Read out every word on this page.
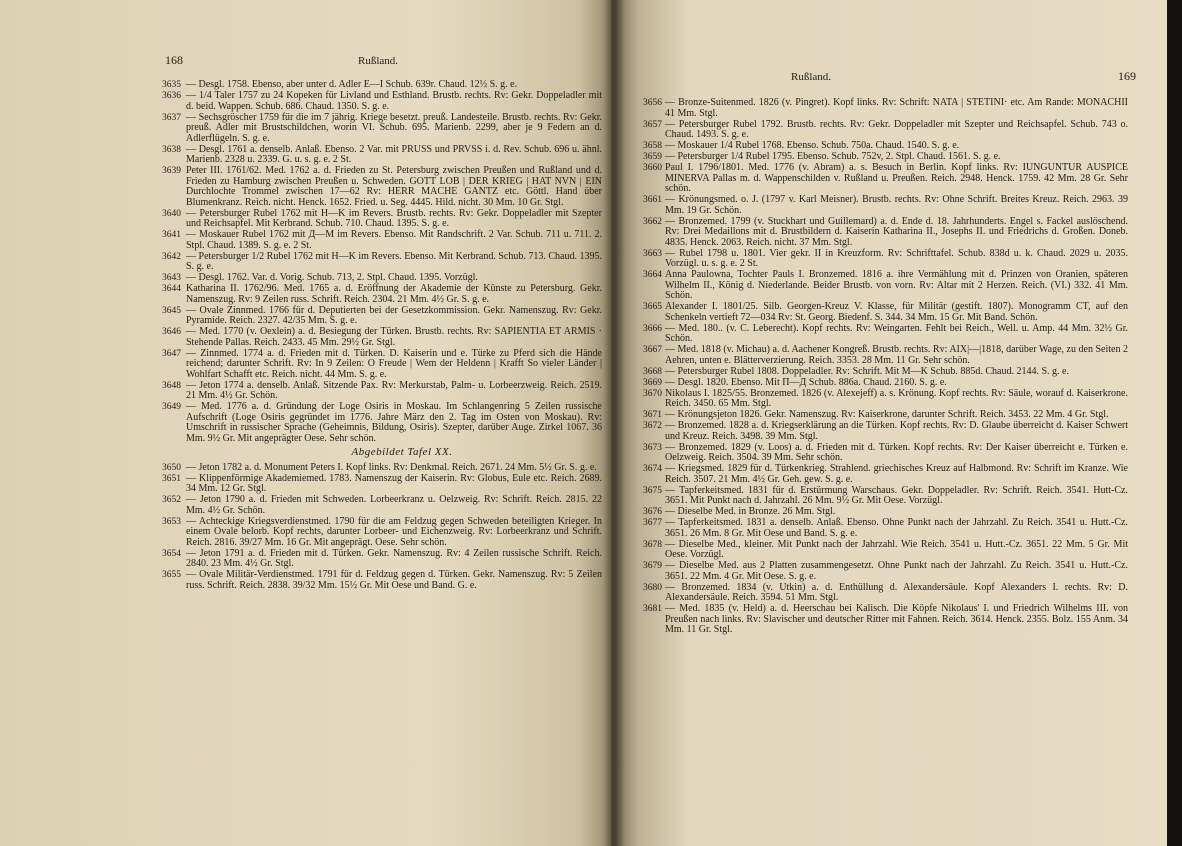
168	Rußland.
3635 — Desgl. 1758. Ebenso, aber unter d. Adler E—I Schub. 639r. Chaud. 12½ S. g. e.
3636 — 1/4 Taler 1757 zu 24 Kopeken für Livland und Esthland. Brustb. rechts. Rv: Gekr. Doppeladler mit d. beid. Wappen. Schub. 686. Chaud. 1350. S. g. e.
3637 — Sechsgröscher 1759 für die im 7 jährig. Kriege besetzt. preuß. Landesteile. Brustb. rechts. Rv: Gekr. preuß. Adler mit Brustschildchen, worin VI. Schub. 695. Marienb. 2299, aber je 9 Federn an d. Adlerflügeln. S. g. e.
3638 — Desgl. 1761 a. denselb. Anlaß. Ebenso. 2 Var. mit PRUSS und PRVSS i. d. Rev. Schub. 696 u. ähnl. Marienb. 2328 u. 2339. G. u. s. g. e. 2 St.
3639 Peter III. 1761/62. Med. 1762 a. d. Frieden zu St. Petersburg zwischen Preußen und Rußland und d. Frieden zu Hamburg zwischen Preußen u. Schweden. GOTT LOB | DER KRIEG | HAT NVN | EIN Durchlochte Trommel zwischen 17—62 Rv: HERR MACHE GANTZ etc. Göttl. Hand über Blumenkranz. Reich. nicht. Henck. 1652. Fried. u. Seg. 4445. Hild. nicht. 30 Mm. 10 Gr. Stgl.
3640 — Petersburger Rubel 1762 mit H—K im Revers. Brustb. rechts. Rv: Gekr. Doppeladler mit Szepter und Reichsapfel. Mit Kerbrand. Schub. 710. Chaud. 1395. S. g. e.
3641 — Moskauer Rubel 1762 mit Д—M im Revers. Ebenso. Mit Randschrift. 2 Var. Schub. 711 u. 711. 2. Stpl. Chaud. 1389. S. g. e. 2 St.
3642 — Petersburger 1/2 Rubel 1762 mit H—K im Revers. Ebenso. Mit Kerbrand. Schub. 713. Chaud. 1395. S. g. e.
3643 — Desgl. 1762. Var. d. Vorig. Schub. 713, 2. Stpl. Chaud. 1395. Vorzügl.
3644 Katharina II. 1762/96. Med. 1765 a. d. Eröffnung der Akademie der Künste zu Petersburg. Gekr. Namenszug. Rv: 9 Zeilen russ. Schrift. Reich. 2304. 21 Mm. 4½ Gr. S. g. e.
3645 — Ovale Zinnmed. 1766 für d. Deputierten bei der Gesetzkommission. Gekr. Namenszug. Rv: Gekr. Pyramide. Reich. 2327. 42/35 Mm. S. g. e.
3646 — Med. 1770 (v. Oexlein) a. d. Besiegung der Türken. Brustb. rechts. Rv: SAPIENTIA ET ARMIS · Stehende Pallas. Reich. 2433. 45 Mm. 29½ Gr. Stgl.
3647 — Zinnmed. 1774 a. d. Frieden mit d. Türken. D. Kaiserin und e. Türke zu Pferd sich die Hände reichend; darunter Schrift. Rv: In 9 Zeilen: O Freude | Wem der Heldenn | Krafft So vieler Länder | Wohlfart Schafft etc. Reich. nicht. 44 Mm. S. g. e.
3648 — Jeton 1774 a. denselb. Anlaß. Sitzende Pax. Rv: Merkurstab, Palm- u. Lorbeerzweig. Reich. 2519. 21 Mm. 4½ Gr. Schön.
3649 — Med. 1776 a. d. Gründung der Loge Osiris in Moskau. Im Schlangenring 5 Zeilen russische Aufschrift (Loge Osiris gegründet im 1776. Jahre März den 2. Tag im Osten von Moskau). Rv: Umschrift in russischer Sprache (Geheimnis, Bildung, Osiris). Szepter, darüber Auge. Zirkel 1067. 36 Mm. 9½ Gr. Mit angeprägter Oese. Sehr schön.
Abgebildet Tafel XX.
3650 — Jeton 1782 a. d. Monument Peters I. Kopf links. Rv: Denkmal. Reich. 2671. 24 Mm. 5½ Gr. S. g. e.
3651 — Klippenförmige Akademiemed. 1783. Namenszug der Kaiserin. Rv: Globus, Eule etc. Reich. 2689. 34 Mm. 12 Gr. Stgl.
3652 — Jeton 1790 a. d. Frieden mit Schweden. Lorbeerkranz u. Oelzweig. Rv: Schrift. Reich. 2815. 22 Mm. 4½ Gr. Schön.
3653 — Achteckige Kriegsverdienstmed. 1790 für die am Feldzug gegen Schweden beteiligten Krieger. In einem Ovale belorb. Kopf rechts, darunter Lorbeer- und Eichenzweig. Rv: Lorbeerkranz und Schrift. Reich. 2816. 39/27 Mm. 16 Gr. Mit angeprägt. Oese. Sehr schön.
3654 — Jeton 1791 a. d. Frieden mit d. Türken. Gekr. Namenszug. Rv: 4 Zeilen russische Schrift. Reich. 2840. 23 Mm. 4½ Gr. Stgl.
3655 — Ovale Militär-Verdienstmed. 1791 für d. Feldzug gegen d. Türken. Gekr. Namenszug. Rv: 5 Zeilen russ. Schrift. Reich. 2838. 39/32 Mm. 15½ Gr. Mit Oese und Band. G. e.
Rußland.	169
3656 — Bronze-Suitenmed. 1826 (v. Pingret). Kopf links. Rv: Schrift: NATA | STETINI· etc. Am Rande: MONACHII 41 Mm. Stgl.
3657 — Petersburger Rubel 1792. Brustb. rechts. Rv: Gekr. Doppeladler mit Szepter und Reichsapfel. Schub. 743 o. Chaud. 1493. S. g. e.
3658 — Moskauer 1/4 Rubel 1768. Ebenso. Schub. 750a. Chaud. 1540. S. g. e.
3659 — Petersburger 1/4 Rubel 1795. Ebenso. Schub. 752v, 2. Stpl. Chaud. 1561. S. g. e.
3660 Paul I. 1796/1801. Med. 1776 (v. Abram) a. s. Besuch in Berlin. Kopf links. Rv: IUNGUNTUR AUSPICE MINERVA Pallas m. d. Wappenschilden v. Rußland u. Preußen. Reich. 2948. Henck. 1759. 42 Mm. 28 Gr. Sehr schön.
3661 — Krönungsmed. o. J. (1797 v. Karl Meisner). Brustb. rechts. Rv: Ohne Schrift. Breites Kreuz. Reich. 2963. 39 Mm. 19 Gr. Schön.
3662 — Bronzemed. 1799 (v. Stuckhart und Guillemard) a. d. Ende d. 18. Jahrhunderts. Engel s. Fackel auslöschend. Rv: Drei Medaillons mit d. Brustbildern d. Kaiserin Katharina II., Josephs II. und Friedrichs d. Großen. Doneb. 4835. Henck. 2063. Reich. nicht. 37 Mm. Stgl.
3663 — Rubel 1798 u. 1801. Vier gekr. II in Kreuzform. Rv: Schrifttafel. Schub. 838d u. k. Chaud. 2029 u. 2035. Vorzügl. u. s. g. e. 2 St.
3664 Anna Paulowna, Tochter Pauls I. Bronzemed. 1816 a. ihre Vermählung mit d. Prinzen von Oranien, späteren Wilhelm II., König d. Niederlande. Beider Brustb. von vorn. Rv: Altar mit 2 Herzen. Reich. (VI.) 332. 41 Mm. Schön.
3665 Alexander I. 1801/25. Silb. Georgen-Kreuz V. Klasse, für Militär (gestift. 1807). Monogramm CT, auf den Schenkeln vertieft 72—034 Rv: St. Georg. Biedenf. S. 344. 34 Mm. 15 Gr. Mit Band. Schön.
3666 — Med. 180.. (v. C. Leberecht). Kopf rechts. Rv: Weingarten. Fehlt bei Reich., Well. u. Amp. 44 Mm. 32½ Gr. Schön.
3667 — Med. 1818 (v. Michau) a. d. Aachener Kongreß. Brustb. rechts. Rv: AIX|—|1818, darüber Wage, zu den Seiten 2 Aehren, unten e. Blätterverzierung. Reich. 3353. 28 Mm. 11 Gr. Sehr schön.
3668 — Petersburger Rubel 1808. Doppeladler. Rv: Schrift. Mit M—K Schub. 885d. Chaud. 2144. S. g. e.
3669 — Desgl. 1820. Ebenso. Mit П—Д Schub. 886a. Chaud. 2160. S. g. e.
3670 Nikolaus I. 1825/55. Bronzemed. 1826 (v. Alexejeff) a. s. Krönung. Kopf rechts. Rv: Säule, worauf d. Kaiserkrone. Reich. 3450. 65 Mm. Stgl.
3671 — Krönungsjeton 1826. Gekr. Namenszug. Rv: Kaiserkrone, darunter Schrift. Reich. 3453. 22 Mm. 4 Gr. Stgl.
3672 — Bronzemed. 1828 a. d. Kriegserklärung an die Türken. Kopf rechts. Rv: D. Glaube überreicht d. Kaiser Schwert und Kreuz. Reich. 3498. 39 Mm. Stgl.
3673 — Bronzemed. 1829 (v. Loos) a. d. Frieden mit d. Türken. Kopf rechts. Rv: Der Kaiser überreicht e. Türken e. Oelzweig. Reich. 3504. 39 Mm. Sehr schön.
3674 — Kriegsmed. 1829 für d. Türkenkrieg. Strahlend. griechisches Kreuz auf Halbmond. Rv: Schrift im Kranze. Wie Reich. 3507. 21 Mm. 4½ Gr. Geh. gew. S. g. e.
3675 — Tapferkeitsmed. 1831 für d. Erstürmung Warschaus. Gekr. Doppeladler. Rv: Schrift. Reich. 3541. Hutt-Cz. 3651. Mit Punkt nach d. Jahrzahl. 26 Mm. 9½ Gr. Mit Oese. Vorzügl.
3676 — Dieselbe Med. in Bronze. 26 Mm. Stgl.
3677 — Tapferkeitsmed. 1831 a. denselb. Anlaß. Ebenso. Ohne Punkt nach der Jahrzahl. Zu Reich. 3541 u. Hutt.-Cz. 3651. 26 Mm. 8 Gr. Mit Oese und Band. S. g. e.
3678 — Dieselbe Med., kleiner. Mit Punkt nach der Jahrzahl. Wie Reich. 3541 u. Hutt.-Cz. 3651. 22 Mm. 5 Gr. Mit Oese. Vorzügl.
3679 — Dieselbe Med. aus 2 Platten zusammengesetzt. Ohne Punkt nach der Jahrzahl. Zu Reich. 3541 u. Hutt.-Cz. 3651. 22 Mm. 4 Gr. Mit Oese. S. g. e.
3680 — Bronzemed. 1834 (v. Utkin) a. d. Enthüllung d. Alexandersäule. Kopf Alexanders I. rechts. Rv: D. Alexandersäule. Reich. 3594. 51 Mm. Stgl.
3681 — Med. 1835 (v. Held) a. d. Heerschau bei Kalisch. Die Köpfe Nikolaus' I. und Friedrich Wilhelms III. von Preußen nach links. Rv: Slavischer und deutscher Ritter mit Fahnen. Reich. 3614. Henck. 2355. Bolz. 155 Anm. 34 Mm. 11 Gr. Stgl.
